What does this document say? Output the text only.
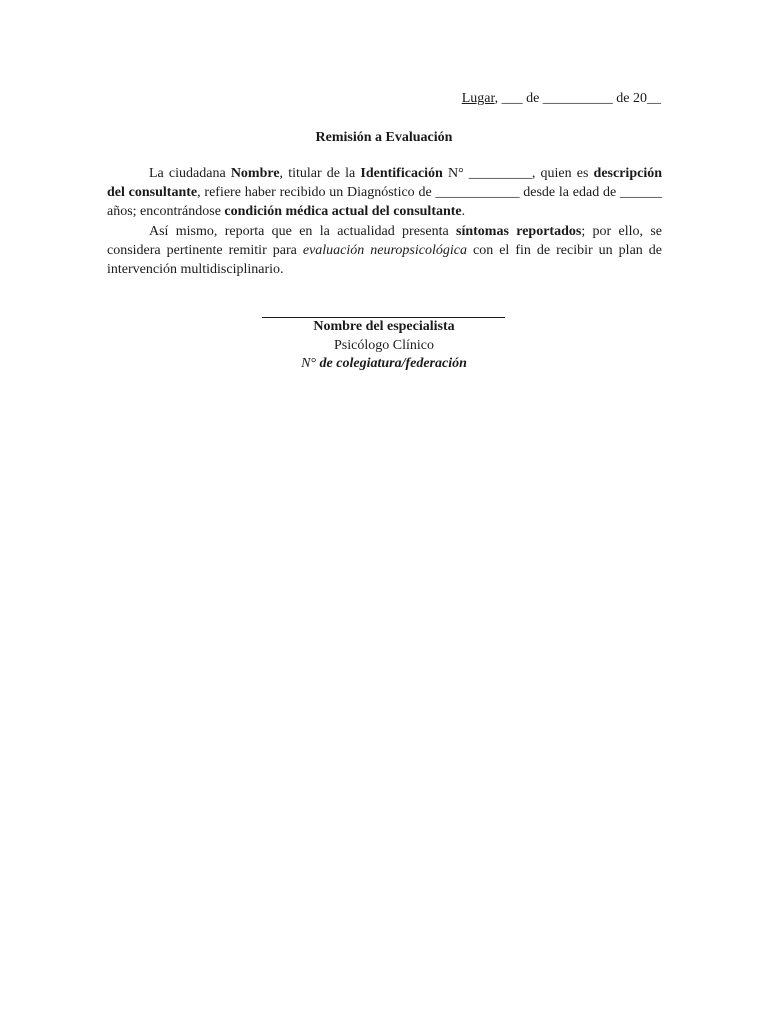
Lugar, ___ de __________ de 20__
Remisión a Evaluación

La ciudadana Nombre, titular de la Identificación N° _________, quien es descripción del consultante, refiere haber recibido un Diagnóstico de ____________ desde la edad de ______ años; encontrándose condición médica actual del consultante.

Así mismo, reporta que en la actualidad presenta síntomas reportados; por ello, se considera pertinente remitir para evaluación neuropsicológica con el fin de recibir un plan de intervención multidisciplinario.

Nombre del especialista
Psicólogo Clínico
N° de colegiatura/federación
